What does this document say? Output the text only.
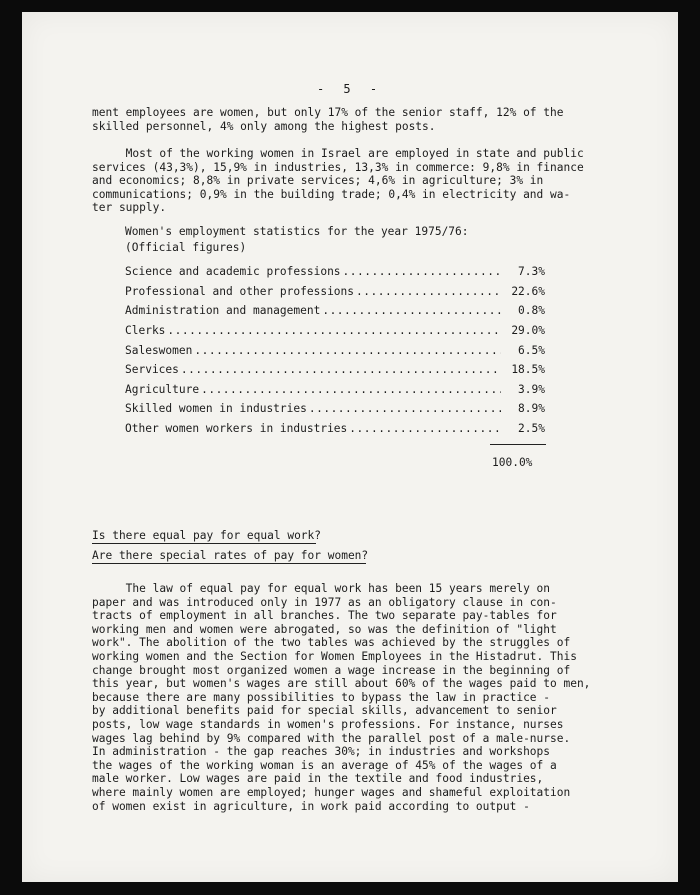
- 5 -

ment employees are women, but only 17% of the senior staff, 12% of the
skilled personnel, 4% only among the highest posts.

Most of the working women in Israel are employed in state and public
services (43,3%), 15,9% in industries, 13,3% in commerce: 9,8% in finance
and economics; 8,8% in private services; 4,6% in agriculture; 3% in
communications; 0,9% in the building trade; 0,4% in electricity and wa-
ter supply.

Women's employment statistics for the year 1975/76:
(Official figures)
Science and academic professions .....	7.3%
Professional and other professions .....	22.6%
Administration and management .....	0.8%
Clerks .....	29.0%
Saleswomen .....	6.5%
Services .....	18.5%
Agriculture .....	3.9%
Skilled women in industries .....	8.9%
Other women workers in industries .....	2.5%
100.0%
Is there equal pay for equal work?
Are there special rates of pay for women?

The law of equal pay for equal work has been 15 years merely on
paper and was introduced only in 1977 as an obligatory clause in con-
tracts of employment in all branches. The two separate pay-tables for
working men and women were abrogated, so was the definition of "light
work". The abolition of the two tables was achieved by the struggles of
working women and the Section for Women Employees in the Histadrut. This
change brought most organized women a wage increase in the beginning of
this year, but women's wages are still about 60% of the wages paid to men,
because there are many possibilities to bypass the law in practice -
by additional benefits paid for special skills, advancement to senior
posts, low wage standards in women's professions. For instance, nurses
wages lag behind by 9% compared with the parallel post of a male-nurse.
In administration - the gap reaches 30%; in industries and workshops
the wages of the working woman is an average of 45% of the wages of a
male worker. Low wages are paid in the textile and food industries,
where mainly women are employed; hunger wages and shameful exploitation
of women exist in agriculture, in work paid according to output -
